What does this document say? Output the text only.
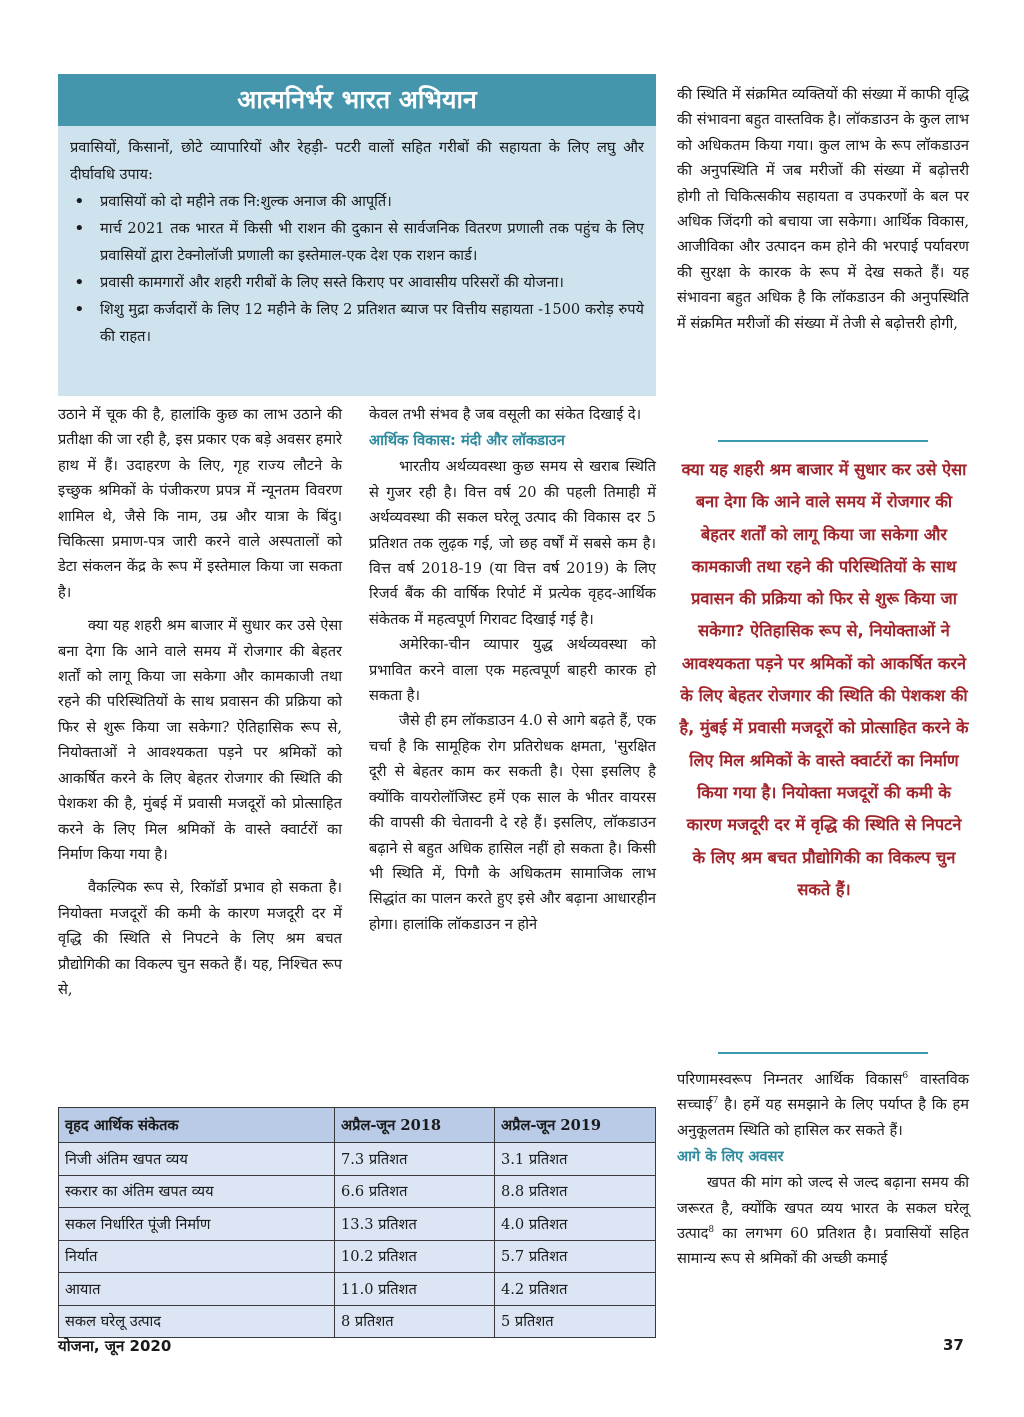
आत्मनिर्भर भारत अभियान

प्रवासियों, किसानों, छोटे व्यापारियों और रेहड़ी- पटरी वालों सहित गरीबों की सहायता के लिए लघु और दीर्घावधि उपाय:

• प्रवासियों को दो महीने तक नि:शुल्क अनाज की आपूर्ति।
• मार्च 2021 तक भारत में किसी भी राशन की दुकान से सार्वजनिक वितरण प्रणाली तक पहुंच के लिए प्रवासियों द्वारा टेक्नोलॉजी प्रणाली का इस्तेमाल-एक देश एक राशन कार्ड।
• प्रवासी कामगारों और शहरी गरीबों के लिए सस्ते किराए पर आवासीय परिसरों की योजना।
• शिशु मुद्रा कर्जदारों के लिए 12 महीने के लिए 2 प्रतिशत ब्याज पर वित्तीय सहायता -1500 करोड़ रुपये की राहत।

उठाने में चूक की है, हालांकि कुछ का लाभ उठाने की प्रतीक्षा की जा रही है, इस प्रकार एक बड़े अवसर हमारे हाथ में हैं। उदाहरण के लिए, गृह राज्य लौटने के इच्छुक श्रमिकों के पंजीकरण प्रपत्र में न्यूनतम विवरण शामिल थे, जैसे कि नाम, उम्र और यात्रा के बिंदु। चिकित्सा प्रमाण-पत्र जारी करने वाले अस्पतालों को डेटा संकलन केंद्र के रूप में इस्तेमाल किया जा सकता है।

क्या यह शहरी श्रम बाजार में सुधार कर उसे ऐसा बना देगा कि आने वाले समय में रोजगार की बेहतर शर्तों को लागू किया जा सकेगा और कामकाजी तथा रहने की परिस्थितियों के साथ प्रवासन की प्रक्रिया को फिर से शुरू किया जा सकेगा? ऐतिहासिक रूप से, नियोक्ताओं ने आवश्यकता पड़ने पर श्रमिकों को आकर्षित करने के लिए बेहतर रोजगार की स्थिति की पेशकश की है, मुंबई में प्रवासी मजदूरों को प्रोत्साहित करने के लिए मिल श्रमिकों के वास्ते क्वार्टरों का निर्माण किया गया है।

वैकल्पिक रूप से, रिकॉर्डो प्रभाव हो सकता है। नियोक्ता मजदूरों की कमी के कारण मजदूरी दर में वृद्धि की स्थिति से निपटने के लिए श्रम बचत प्रौद्योगिकी का विकल्प चुन सकते हैं। यह, निश्चित रूप से,

केवल तभी संभव है जब वसूली का संकेत दिखाई दे।

आर्थिक विकास: मंदी और लॉकडाउन

भारतीय अर्थव्यवस्था कुछ समय से खराब स्थिति से गुजर रही है। वित्त वर्ष 20 की पहली तिमाही में अर्थव्यवस्था की सकल घरेलू उत्पाद की विकास दर 5 प्रतिशत तक लुढ़क गई, जो छह वर्षों में सबसे कम है। वित्त वर्ष 2018-19 (या वित्त वर्ष 2019) के लिए रिजर्व बैंक की वार्षिक रिपोर्ट में प्रत्येक वृहद-आर्थिक संकेतक में महत्वपूर्ण गिरावट दिखाई गई है।

अमेरिका-चीन व्यापार युद्ध अर्थव्यवस्था को प्रभावित करने वाला एक महत्वपूर्ण बाहरी कारक हो सकता है।

जैसे ही हम लॉकडाउन 4.0 से आगे बढ़ते हैं, एक चर्चा है कि सामूहिक रोग प्रतिरोधक क्षमता, 'सुरक्षित दूरी से बेहतर काम कर सकती है। ऐसा इसलिए है क्योंकि वायरोलॉजिस्ट हमें एक साल के भीतर वायरस की वापसी की चेतावनी दे रहे हैं। इसलिए, लॉकडाउन बढ़ाने से बहुत अधिक हासिल नहीं हो सकता है। किसी भी स्थिति में, पिगौ के अधिकतम सामाजिक लाभ सिद्धांत का पालन करते हुए इसे और बढ़ाना आधारहीन होगा। हालांकि लॉकडाउन न होने

की स्थिति में संक्रमित व्यक्तियों की संख्या में काफी वृद्धि की संभावना बहुत वास्तविक है। लॉकडाउन के कुल लाभ को अधिकतम किया गया। कुल लाभ के रूप लॉकडाउन की अनुपस्थिति में जब मरीजों की संख्या में बढ़ोत्तरी होगी तो चिकित्सकीय सहायता व उपकरणों के बल पर अधिक जिंदगी को बचाया जा सकेगा। आर्थिक विकास, आजीविका और उत्पादन कम होने की भरपाई पर्यावरण की सुरक्षा के कारक के रूप में देख सकते हैं। यह संभावना बहुत अधिक है कि लॉकडाउन की अनुपस्थिति में संक्रमित मरीजों की संख्या में तेजी से बढ़ोत्तरी होगी,

क्या यह शहरी श्रम बाजार में सुधार कर उसे ऐसा बना देगा कि आने वाले समय में रोजगार की बेहतर शर्तों को लागू किया जा सकेगा और कामकाजी तथा रहने की परिस्थितियों के साथ प्रवासन की प्रक्रिया को फिर से शुरू किया जा सकेगा? ऐतिहासिक रूप से, नियोक्ताओं ने आवश्यकता पड़ने पर श्रमिकों को आकर्षित करने के लिए बेहतर रोजगार की स्थिति की पेशकश की है, मुंबई में प्रवासी मजदूरों को प्रोत्साहित करने के लिए मिल श्रमिकों के वास्ते क्वार्टरों का निर्माण किया गया है। नियोक्ता मजदूरों की कमी के कारण मजदूरी दर में वृद्धि की स्थिति से निपटने के लिए श्रम बचत प्रौद्योगिकी का विकल्प चुन सकते हैं।

परिणामस्वरूप निम्नतर आर्थिक विकास$^6$ वास्तविक सच्चाई$^7$ है। हमें यह समझाने के लिए पर्याप्त है कि हम अनुकूलतम स्थिति को हासिल कर सकते हैं।

आगे के लिए अवसर

खपत की मांग को जल्द से जल्द बढ़ाना समय की जरूरत है, क्योंकि खपत व्यय भारत के सकल घरेलू उत्पाद$^8$ का लगभग 60 प्रतिशत है। प्रवासियों सहित सामान्य रूप से श्रमिकों की अच्छी कमाई

वृहद आर्थिक संकेतक	अप्रैल-जून 2018	अप्रैल-जून 2019
निजी अंतिम खपत व्यय	7.3 प्रतिशत	3.1 प्रतिशत
स्करार का अंतिम खपत व्यय	6.6 प्रतिशत	8.8 प्रतिशत
सकल निर्धारित पूंजी निर्माण	13.3 प्रतिशत	4.0 प्रतिशत
निर्यात	10.2 प्रतिशत	5.7 प्रतिशत
आयात	11.0 प्रतिशत	4.2 प्रतिशत
सकल घरेलू उत्पाद	8 प्रतिशत	5 प्रतिशत
योजना, जून 2020	37
